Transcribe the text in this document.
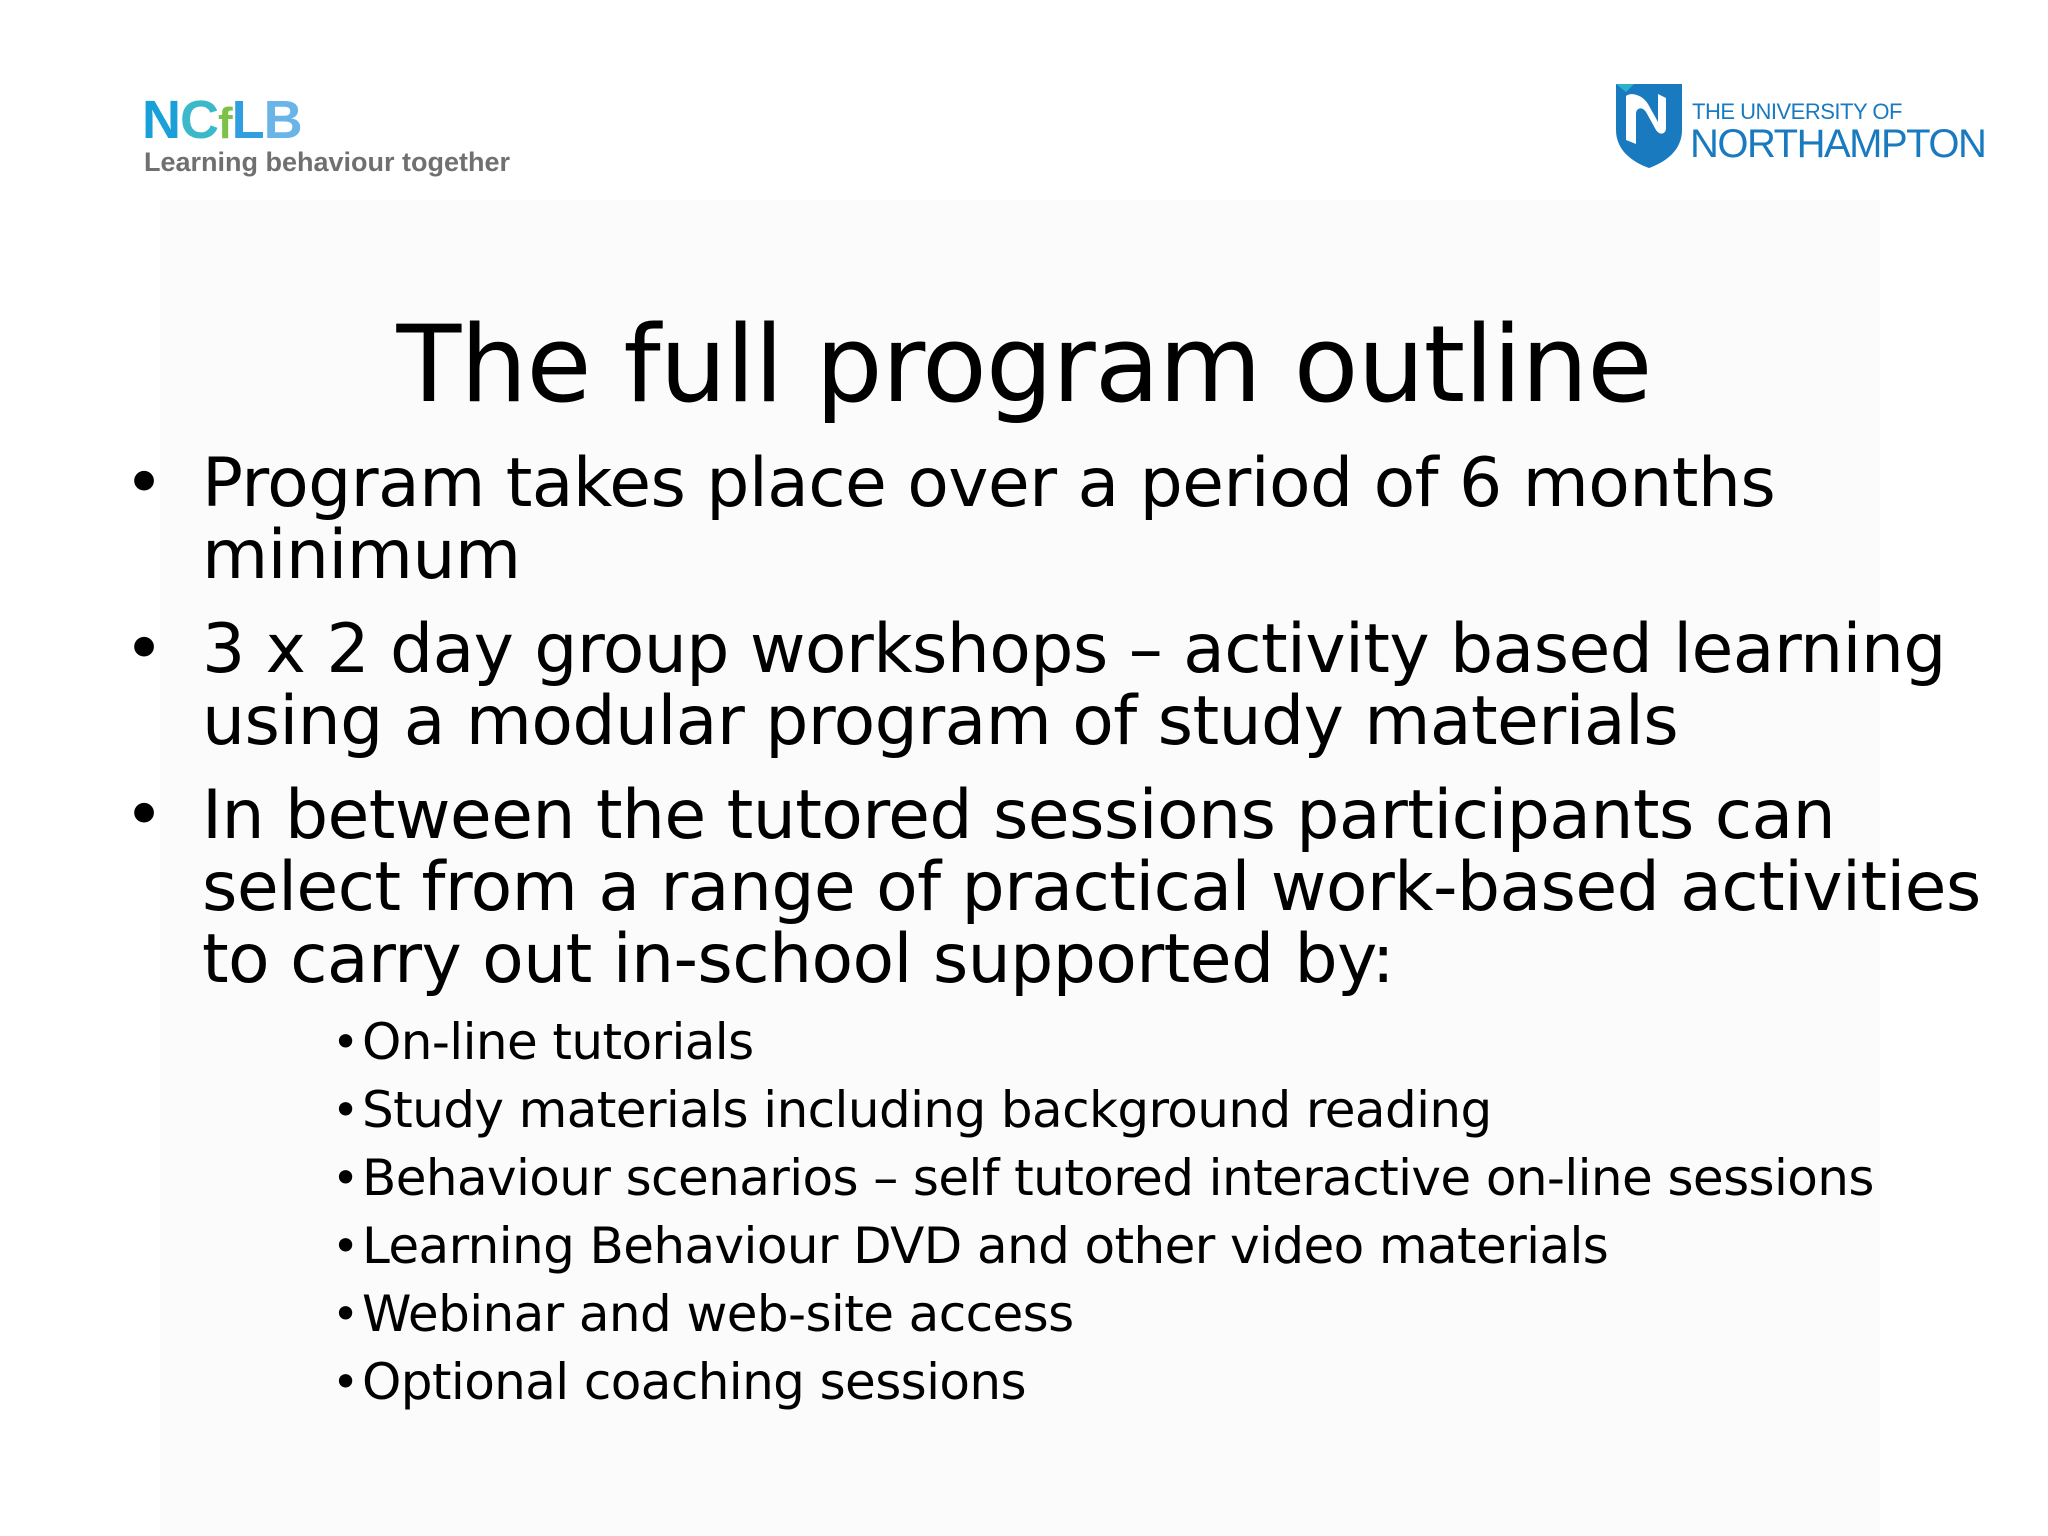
NCfLB
Learning behaviour together
THE UNIVERSITY OF
NORTHAMPTON
The full program outline
• Program takes place over a period of 6 months minimum
• 3 x 2 day group workshops – activity based learning using a modular program of study materials
• In between the tutored sessions participants can select from a range of practical work-based activities to carry out in-school supported by:
• On-line tutorials
• Study materials including background reading
• Behaviour scenarios – self tutored interactive on-line sessions
• Learning Behaviour DVD and other video materials
• Webinar and web-site access
• Optional coaching sessions
